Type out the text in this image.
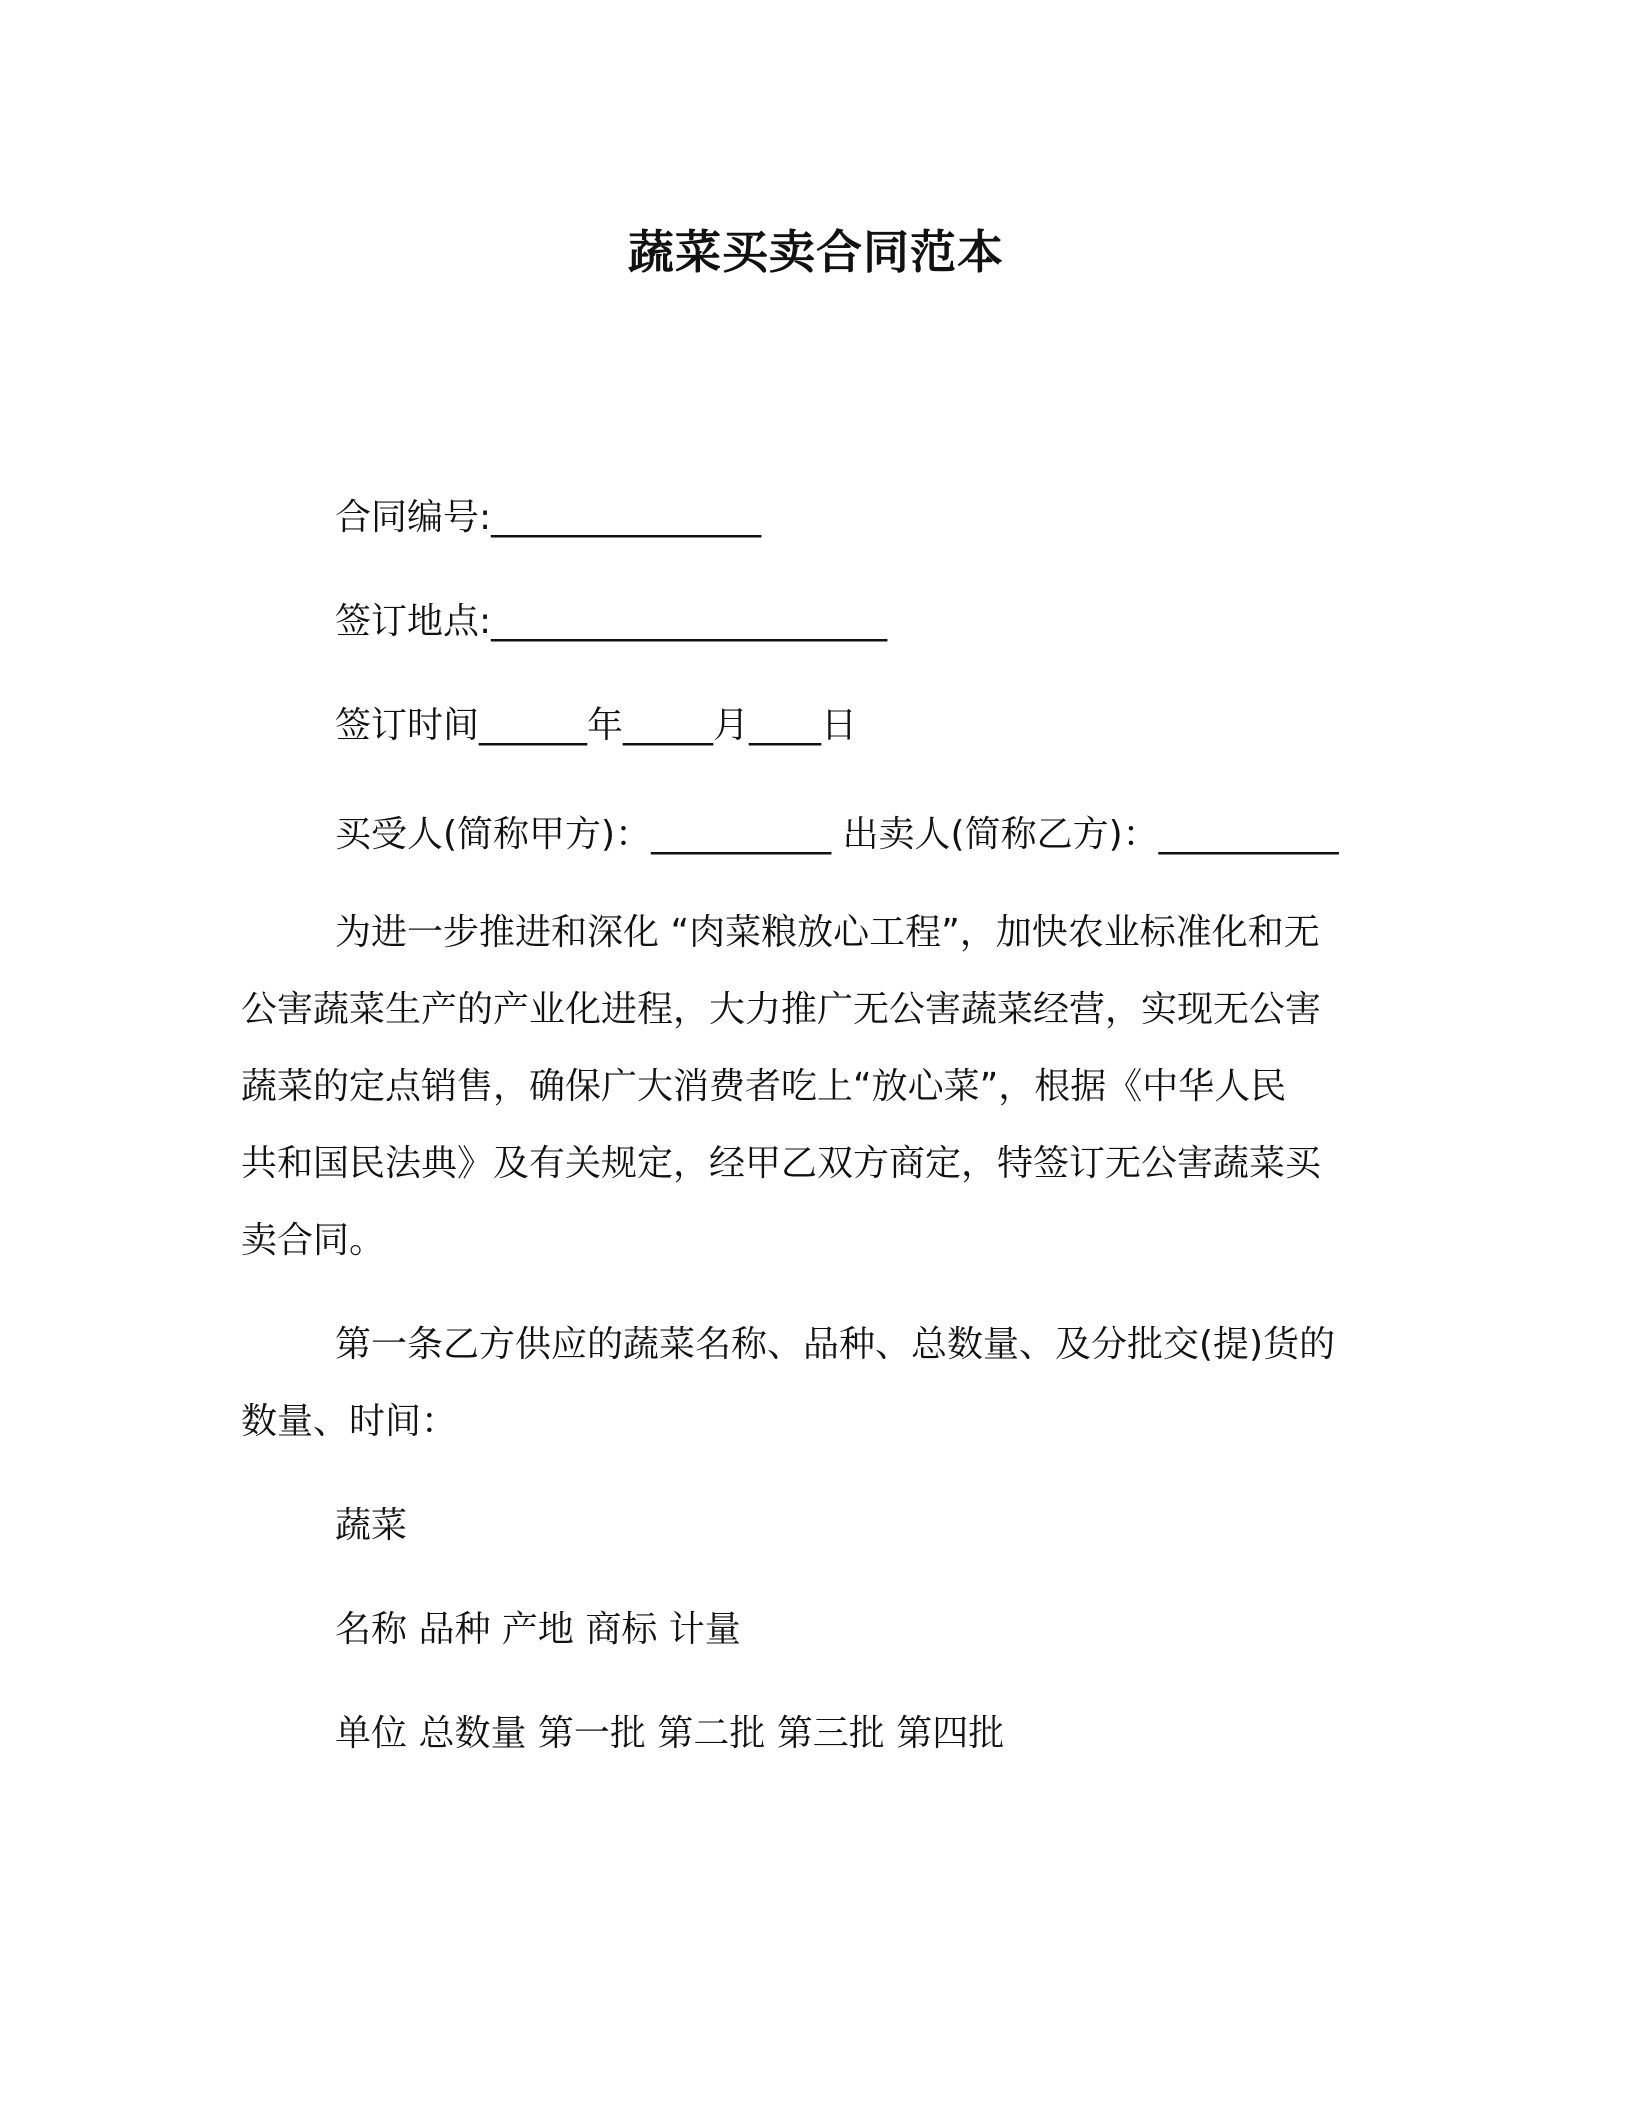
蔬菜买卖合同范本
合同编号:_______________
签订地点:______________________
签订时间______年_____月____日
买受人(简称甲方)：__________ 出卖人(简称乙方)：__________
为进一步推进和深化 “肉菜粮放心工程”，加快农业标准化和无
公害蔬菜生产的产业化进程，大力推广无公害蔬菜经营，实现无公害
蔬菜的定点销售，确保广大消费者吃上“放心菜”，根据《中华人民
共和国民法典》及有关规定，经甲乙双方商定，特签订无公害蔬菜买
卖合同。
第一条乙方供应的蔬菜名称、品种、总数量、及分批交(提)货的
数量、时间：
蔬菜
名称 品种 产地 商标 计量
单位 总数量 第一批 第二批 第三批 第四批
